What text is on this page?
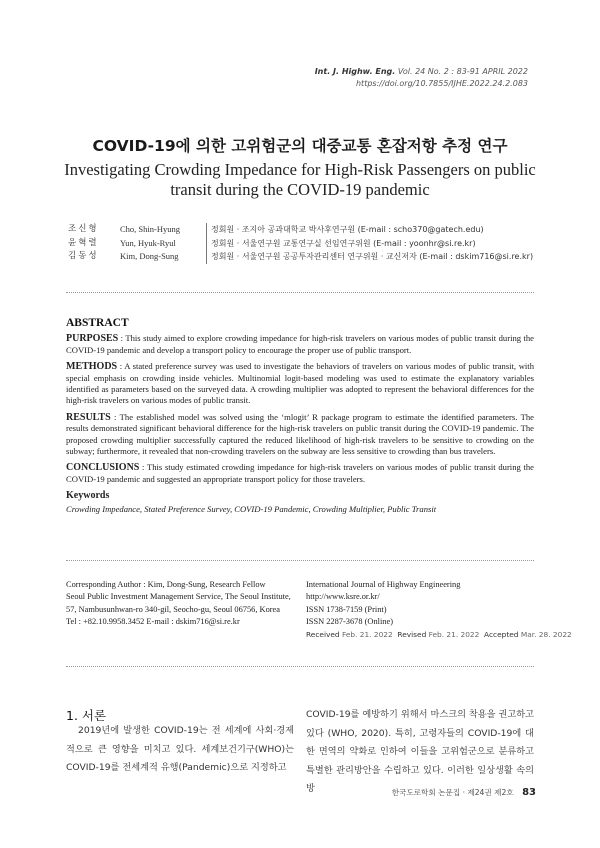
Int. J. Highw. Eng. Vol. 24 No. 2 : 83-91 APRIL 2022
https://doi.org/10.7855/IJHE.2022.24.2.083
COVID-19에 의한 고위험군의 대중교통 혼잡저항 추정 연구
Investigating Crowding Impedance for High-Risk Passengers on public transit during the COVID-19 pandemic
조신형	Cho, Shin-Hyung	정회원 · 조지아 공과대학교 박사후연구원 (E-mail : scho370@gatech.edu)
윤혁렬	Yun, Hyuk-Ryul	정회원 · 서울연구원 교통연구실 선임연구위원 (E-mail : yoonhr@si.re.kr)
김동성	Kim, Dong-Sung	정회원 · 서울연구원 공공투자관리센터 연구위원 · 교신저자 (E-mail : dskim716@si.re.kr)
ABSTRACT

PURPOSES : This study aimed to explore crowding impedance for high-risk travelers on various modes of public transit during the COVID-19 pandemic and develop a transport policy to encourage the proper use of public transport.

METHODS : A stated preference survey was used to investigate the behaviors of travelers on various modes of public transit, with special emphasis on crowding inside vehicles. Multinomial logit-based modeling was used to estimate the explanatory variables identified as parameters based on the surveyed data. A crowding multiplier was adopted to represent the behavioral differences for the high-risk travelers on various modes of public transit.

RESULTS : The established model was solved using the ‘mlogit’ R package program to estimate the identified parameters. The results demonstrated significant behavioral difference for the high-risk travelers on public transit during the COVID-19 pandemic. The proposed crowding multiplier successfully captured the reduced likelihood of high-risk travelers to be sensitive to crowding on the subway; furthermore, it revealed that non-crowding travelers on the subway are less sensitive to crowding than bus travelers.

CONCLUSIONS : This study estimated crowding impedance for high-risk travelers on various modes of public transit during the COVID-19 pandemic and suggested an appropriate transport policy for those travelers.

Keywords

Crowding Impedance, Stated Preference Survey, COVID-19 Pandemic, Crowding Multiplier, Public Transit

Corresponding Author : Kim, Dong-Sung, Research Fellow
Seoul Public Investment Management Service, The Seoul Institute,
57, Nambusunhwan-ro 340-gil, Seocho-gu, Seoul 06756, Korea
Tel : +82.10.9958.3452 E-mail : dskim716@si.re.kr
International Journal of Highway Engineering
http://www.ksre.or.kr/
ISSN 1738-7159 (Print)
ISSN 2287-3678 (Online)
Received Feb. 21. 2022 Revised Feb. 21. 2022 Accepted Mar. 28. 2022
1. 서론
2019년에 발생한 COVID-19는 전 세계에 사회·경제적으로 큰 영향을 미치고 있다. 세계보건기구(WHO)는 COVID-19를 전세계적 유행(Pandemic)으로 지정하고
COVID-19를 예방하기 위해서 마스크의 착용을 권고하고 있다 (WHO, 2020). 특히, 고령자들의 COVID-19에 대한 면역의 약화로 인하여 이들을 고위험군으로 분류하고 특별한 관리방안을 수립하고 있다. 이러한 일상생활 속의 방	한국도로학회 논문집 · 제24권 제2호 83
